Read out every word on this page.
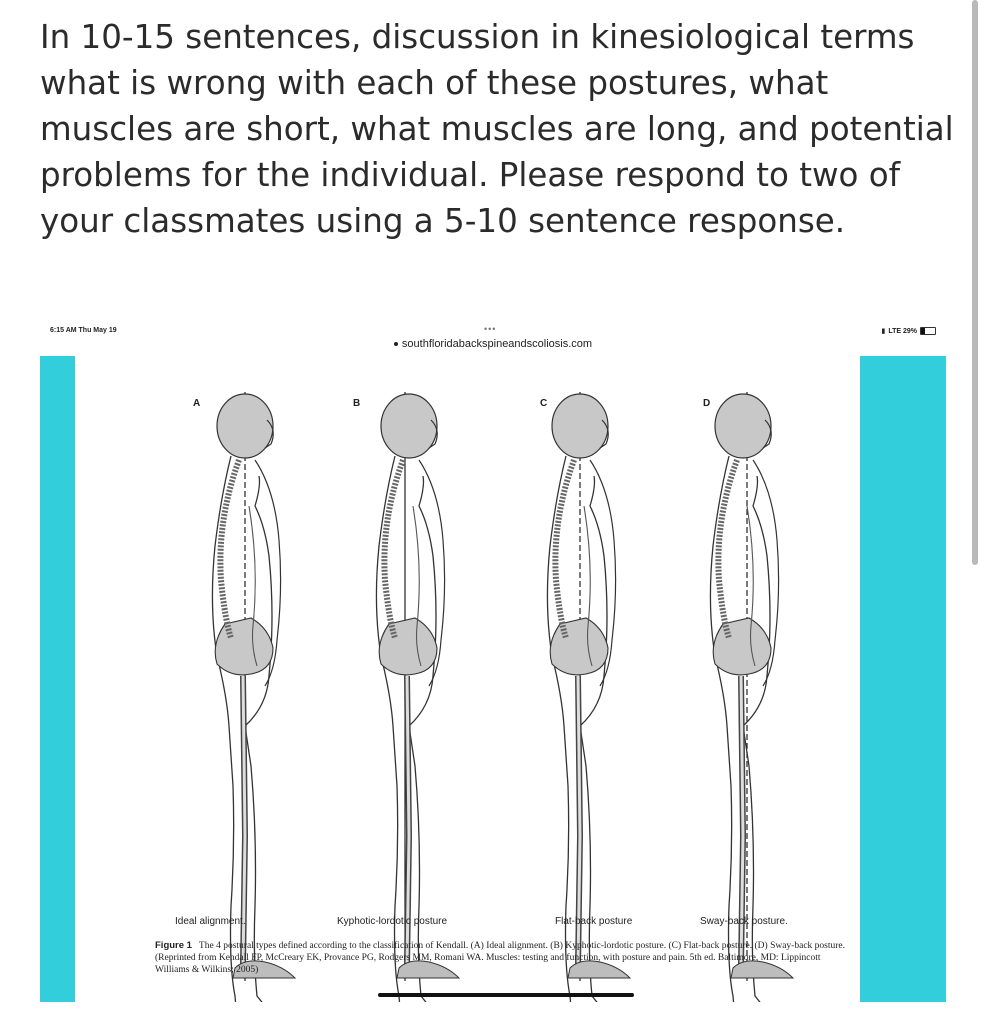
In 10-15 sentences, discussion in kinesiological terms what is wrong with each of these postures, what muscles are short, what muscles are long, and potential problems for the individual. Please respond to two of your classmates using a 5-10 sentence response.

6:15 AM Thu May 19	▮ LTE 29%
•••
southfloridabackspineandscoliosis.com
A	B	C	D
Ideal alignment.	Kyphotic-lordotic posture	Flat-back posture	Sway-back posture.

Figure 1 The 4 postural types defined according to the classification of Kendall. (A) Ideal alignment. (B) Kyphotic-lordotic posture. (C) Flat-back posture. (D) Sway-back posture. (Reprinted from Kendall FP, McCreary EK, Provance PG, Rodgers MM, Romani WA. Muscles: testing and function, with posture and pain. 5th ed. Baltimore, MD: Lippincott Williams & Wilkins; 2005)
